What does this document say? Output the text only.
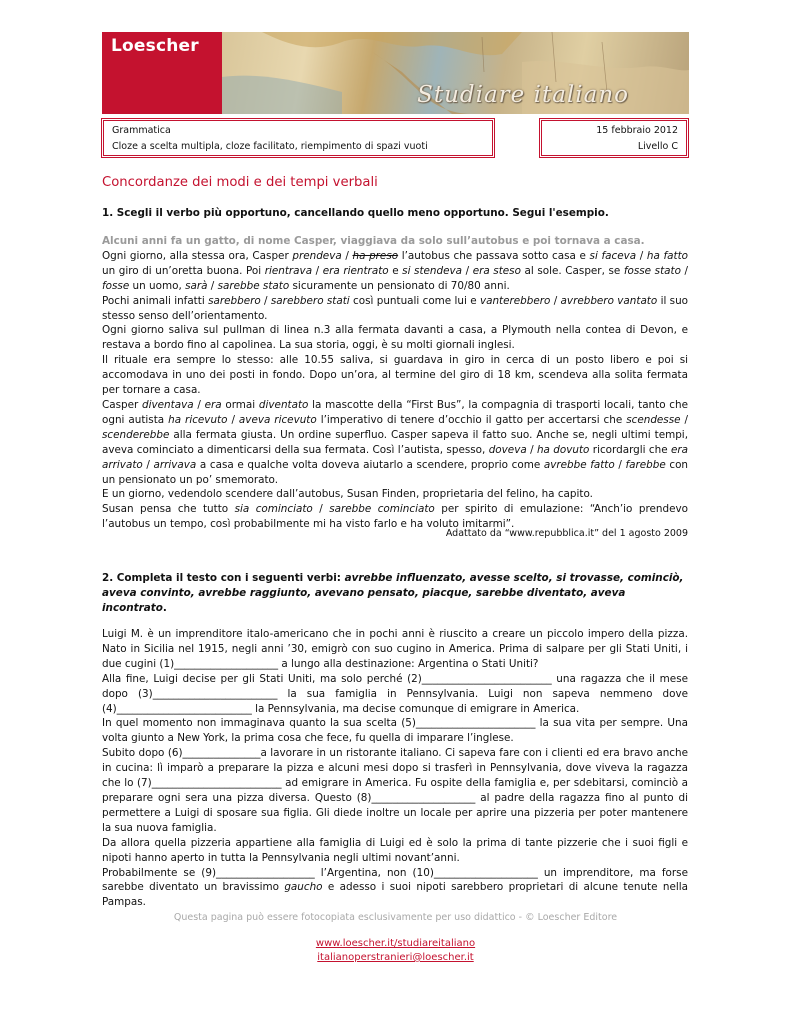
Loescher
Studiare italiano
Grammatica
Cloze a scelta multipla, cloze facilitato, riempimento di spazi vuoti
15 febbraio 2012
Livello C
Concordanze dei modi e dei tempi verbali
1. Scegli il verbo più opportuno, cancellando quello meno opportuno. Segui l'esempio.

Alcuni anni fa un gatto, di nome Casper, viaggiava da solo sull’autobus e poi tornava a casa.

Ogni giorno, alla stessa ora, Casper prendeva / ha preso l’autobus che passava sotto casa e si faceva / ha fatto un giro di un’oretta buona. Poi rientrava / era rientrato e si stendeva / era steso al sole. Casper, se fosse stato / fosse un uomo, sarà / sarebbe stato sicuramente un pensionato di 70/80 anni.
Pochi animali infatti sarebbero / sarebbero stati così puntuali come lui e vanterebbero / avrebbero vantato il suo stesso senso dell’orientamento.
Ogni giorno saliva sul pullman di linea n.3 alla fermata davanti a casa, a Plymouth nella contea di Devon, e restava a bordo fino al capolinea. La sua storia, oggi, è su molti giornali inglesi.
Il rituale era sempre lo stesso: alle 10.55 saliva, si guardava in giro in cerca di un posto libero e poi si accomodava in uno dei posti in fondo. Dopo un’ora, al termine del giro di 18 km, scendeva alla solita fermata per tornare a casa.
Casper diventava / era ormai diventato la mascotte della “First Bus”, la compagnia di trasporti locali, tanto che ogni autista ha ricevuto / aveva ricevuto l’imperativo di tenere d’occhio il gatto per accertarsi che scendesse / scenderebbe alla fermata giusta. Un ordine superfluo. Casper sapeva il fatto suo. Anche se, negli ultimi tempi, aveva cominciato a dimenticarsi della sua fermata. Così l’autista, spesso, doveva / ha dovuto ricordargli che era arrivato / arrivava a casa e qualche volta doveva aiutarlo a scendere, proprio come avrebbe fatto / farebbe con un pensionato un po’ smemorato.
E un giorno, vedendolo scendere dall’autobus, Susan Finden, proprietaria del felino, ha capito.
Susan pensa che tutto sia cominciato / sarebbe cominciato per spirito di emulazione: “Anch’io prendevo l’autobus un tempo, così probabilmente mi ha visto farlo e ha voluto imitarmi”.

Adattato da “www.repubblica.it” del 1 agosto 2009
2. Completa il testo con i seguenti verbi: avrebbe influenzato, avesse scelto, si trovasse, cominciò, aveva convinto, avrebbe raggiunto, avevano pensato, piacque, sarebbe diventato, aveva incontrato.

Luigi M. è un imprenditore italo-americano che in pochi anni è riuscito a creare un piccolo impero della pizza. Nato in Sicilia nel 1915, negli anni ’30, emigrò con suo cugino in America. Prima di salpare per gli Stati Uniti, i due cugini (1)____________________ a lungo alla destinazione: Argentina o Stati Uniti?
Alla fine, Luigi decise per gli Stati Uniti, ma solo perché (2)_________________________ una ragazza che il mese dopo (3)________________________ la sua famiglia in Pennsylvania. Luigi non sapeva nemmeno dove (4)__________________________ la Pennsylvania, ma decise comunque di emigrare in America.
In quel momento non immaginava quanto la sua scelta (5)_______________________ la sua vita per sempre. Una volta giunto a New York, la prima cosa che fece, fu quella di imparare l’inglese.
Subito dopo (6)_______________a lavorare in un ristorante italiano. Ci sapeva fare con i clienti ed era bravo anche in cucina: lì imparò a preparare la pizza e alcuni mesi dopo si trasferì in Pennsylvania, dove viveva la ragazza che lo (7)_________________________ ad emigrare in America. Fu ospite della famiglia e, per sdebitarsi, cominciò a preparare ogni sera una pizza diversa. Questo (8)____________________ al padre della ragazza fino al punto di permettere a Luigi di sposare sua figlia. Gli diede inoltre un locale per aprire una pizzeria per poter mantenere la sua nuova famiglia.
Da allora quella pizzeria appartiene alla famiglia di Luigi ed è solo la prima di tante pizzerie che i suoi figli e nipoti hanno aperto in tutta la Pennsylvania negli ultimi novant’anni.
Probabilmente se (9)___________________ l’Argentina, non (10)____________________ un imprenditore, ma forse sarebbe diventato un bravissimo gaucho e adesso i suoi nipoti sarebbero proprietari di alcune tenute nella Pampas.

Questa pagina può essere fotocopiata esclusivamente per uso didattico - © Loescher Editore
www.loescher.it/studiareitaliano
italianoperstranieri@loescher.it
